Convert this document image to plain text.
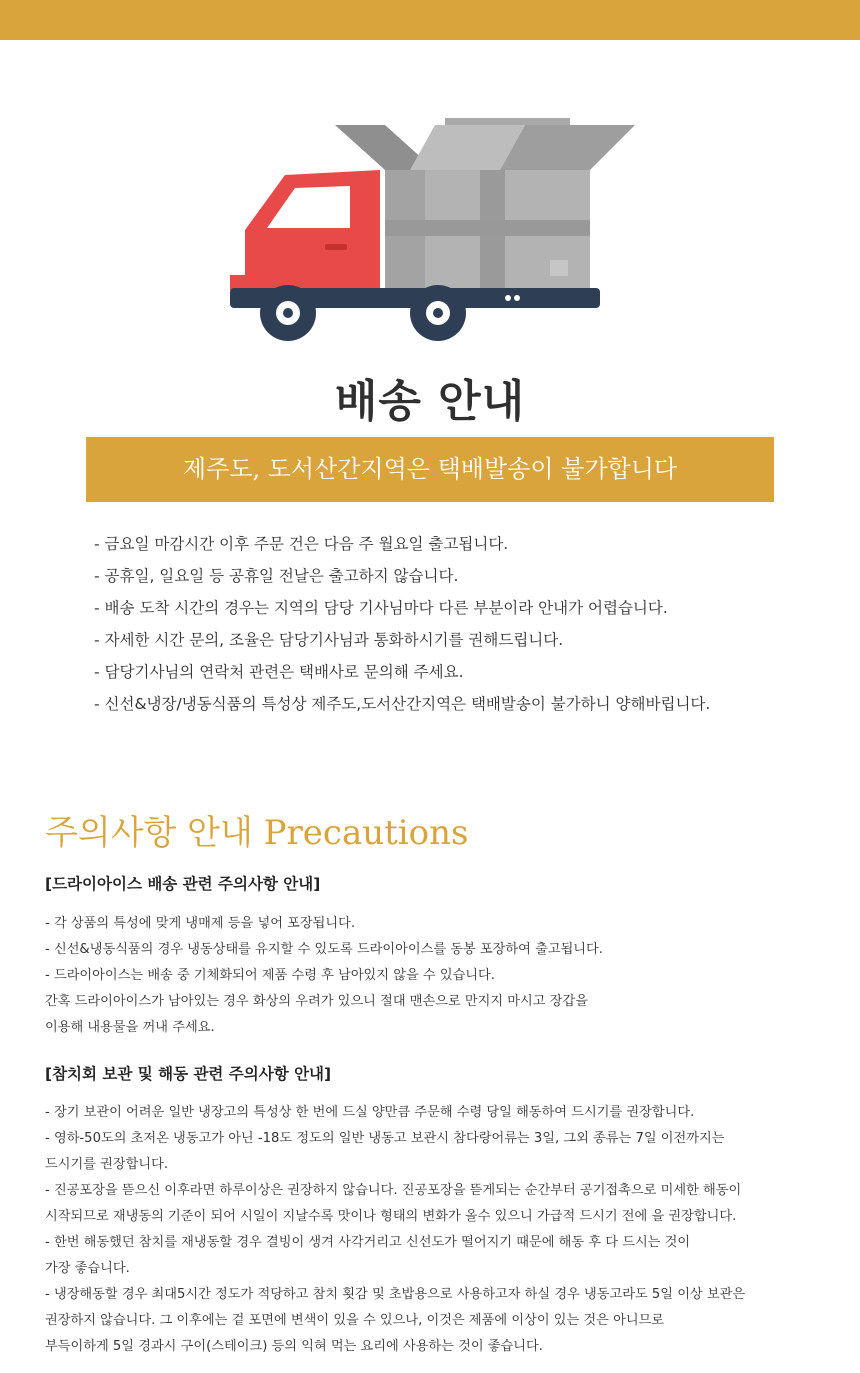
배송 안내
제주도, 도서산간지역은 택배발송이 불가합니다
- 금요일 마감시간 이후 주문 건은 다음 주 월요일 출고됩니다.
- 공휴일, 일요일 등 공휴일 전날은 출고하지 않습니다.
- 배송 도착 시간의 경우는 지역의 담당 기사님마다 다른 부분이라 안내가 어렵습니다.
- 자세한 시간 문의, 조율은 담당기사님과 통화하시기를 권해드립니다.
- 담당기사님의 연락처 관련은 택배사로 문의해 주세요.
- 신선&냉장/냉동식품의 특성상 제주도,도서산간지역은 택배발송이 불가하니 양해바립니다.
주의사항 안내 Precautions
[드라이아이스 배송 관련 주의사항 안내]
- 각 상품의 특성에 맞게 냉매제 등을 넣어 포장됩니다.
- 신선&냉동식품의 경우 냉동상태를 유지할 수 있도록 드라이아이스를 동봉 포장하여 출고됩니다.
- 드라이아이스는 배송 중 기체화되어 제품 수령 후 남아있지 않을 수 있습니다.
간혹 드라이아이스가 남아있는 경우 화상의 우려가 있으니 절대 맨손으로 만지지 마시고 장갑을
이용해 내용물을 꺼내 주세요.
[참치회 보관 및 해동 관련 주의사항 안내]
- 장기 보관이 어려운 일반 냉장고의 특성상 한 번에 드실 양만큼 주문해 수령 당일 해동하여 드시기를 권장합니다.
- 영하-50도의 초저온 냉동고가 아닌 -18도 정도의 일반 냉동고 보관시 참다랑어류는 3일, 그외 종류는 7일 이전까지는
드시기를 권장합니다.
- 진공포장을 뜯으신 이후라면 하루이상은 권장하지 않습니다. 진공포장을 뜯게되는 순간부터 공기접촉으로 미세한 해동이
시작되므로 재냉동의 기준이 되어 시일이 지날수록 맛이나 형태의 변화가 올수 있으니 가급적 드시기 전에 을 권장합니다.
- 한번 해동했던 참치를 재냉동할 경우 결빙이 생겨 사각거리고 신선도가 떨어지기 때문에 해동 후 다 드시는 것이
가장 좋습니다.
- 냉장해동할 경우 최대5시간 정도가 적당하고 참치 횟감 및 초밥용으로 사용하고자 하실 경우 냉동고라도 5일 이상 보관은
권장하지 않습니다. 그 이후에는 겉 포면에 변색이 있을 수 있으나, 이것은 제품에 이상이 있는 것은 아니므로
부득이하게 5일 경과시 구이(스테이크) 등의 익혀 먹는 요리에 사용하는 것이 좋습니다.
